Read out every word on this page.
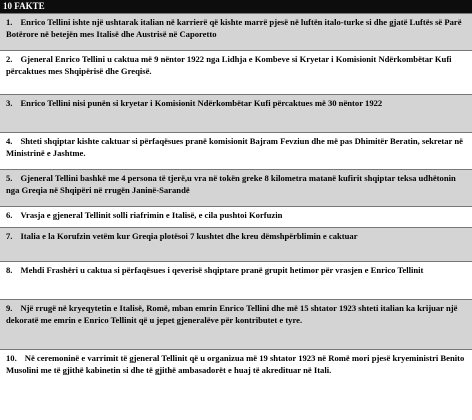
10 FAKTE
1. Enrico Tellini ishte një ushtarak italian në karrierë që kishte marrë pjesë në luftën italo-turke si dhe gjatë Luftës së Parë Botërore në betejën mes Italisë dhe Austrisë në Caporetto
2. Gjeneral Enrico Tellini u caktua më 9 nëntor 1922 nga Lidhja e Kombeve si Kryetar i Komisionit Ndërkombëtar Kufi përcaktues mes Shqipërisë dhe Greqisë.
3. Enrico Tellini nisi punën si kryetar i Komisionit Ndërkombëtar Kufi përcaktues më 30 nëntor 1922
4. Shteti shqiptar kishte caktuar si përfaqësues pranë komisionit Bajram Fevziun dhe më pas Dhimitër Beratin, sekretar në Ministrinë e Jashtme.
5. Gjeneral Tellini bashkë me 4 persona të tjerë,u vra në tokën greke 8 kilometra matanë kufirit shqiptar teksa udhëtonin nga Greqia në Shqipëri në rrugën Janinë-Sarandë
6. Vrasja e gjeneral Tellinit solli riafrimin e Italisë, e cila pushtoi Korfuzin
7. Italia e la Korufzin vetëm kur Greqia plotësoi 7 kushtet dhe kreu dëmshpërblimin e caktuar
8. Mehdi Frashëri u caktua si përfaqësues i qeverisë shqiptare pranë grupit hetimor për vrasjen e Enrico Tellinit
9. Një rrugë në kryeqytetin e Italisë, Romë, mban emrin Enrico Tellini dhe më 15 shtator 1923 shteti italian ka krijuar një dekoratë me emrin e Enrico Tellinit që u jepet gjeneralëve për kontributet e tyre.
10. Në ceremoninë e varrimit të gjeneral Tellinit që u organizua më 19 shtator 1923 në Romë mori pjesë kryeministri Benito Musolini me të gjithë kabinetin si dhe të gjithë ambasadorët e huaj të akredituar në Itali.
